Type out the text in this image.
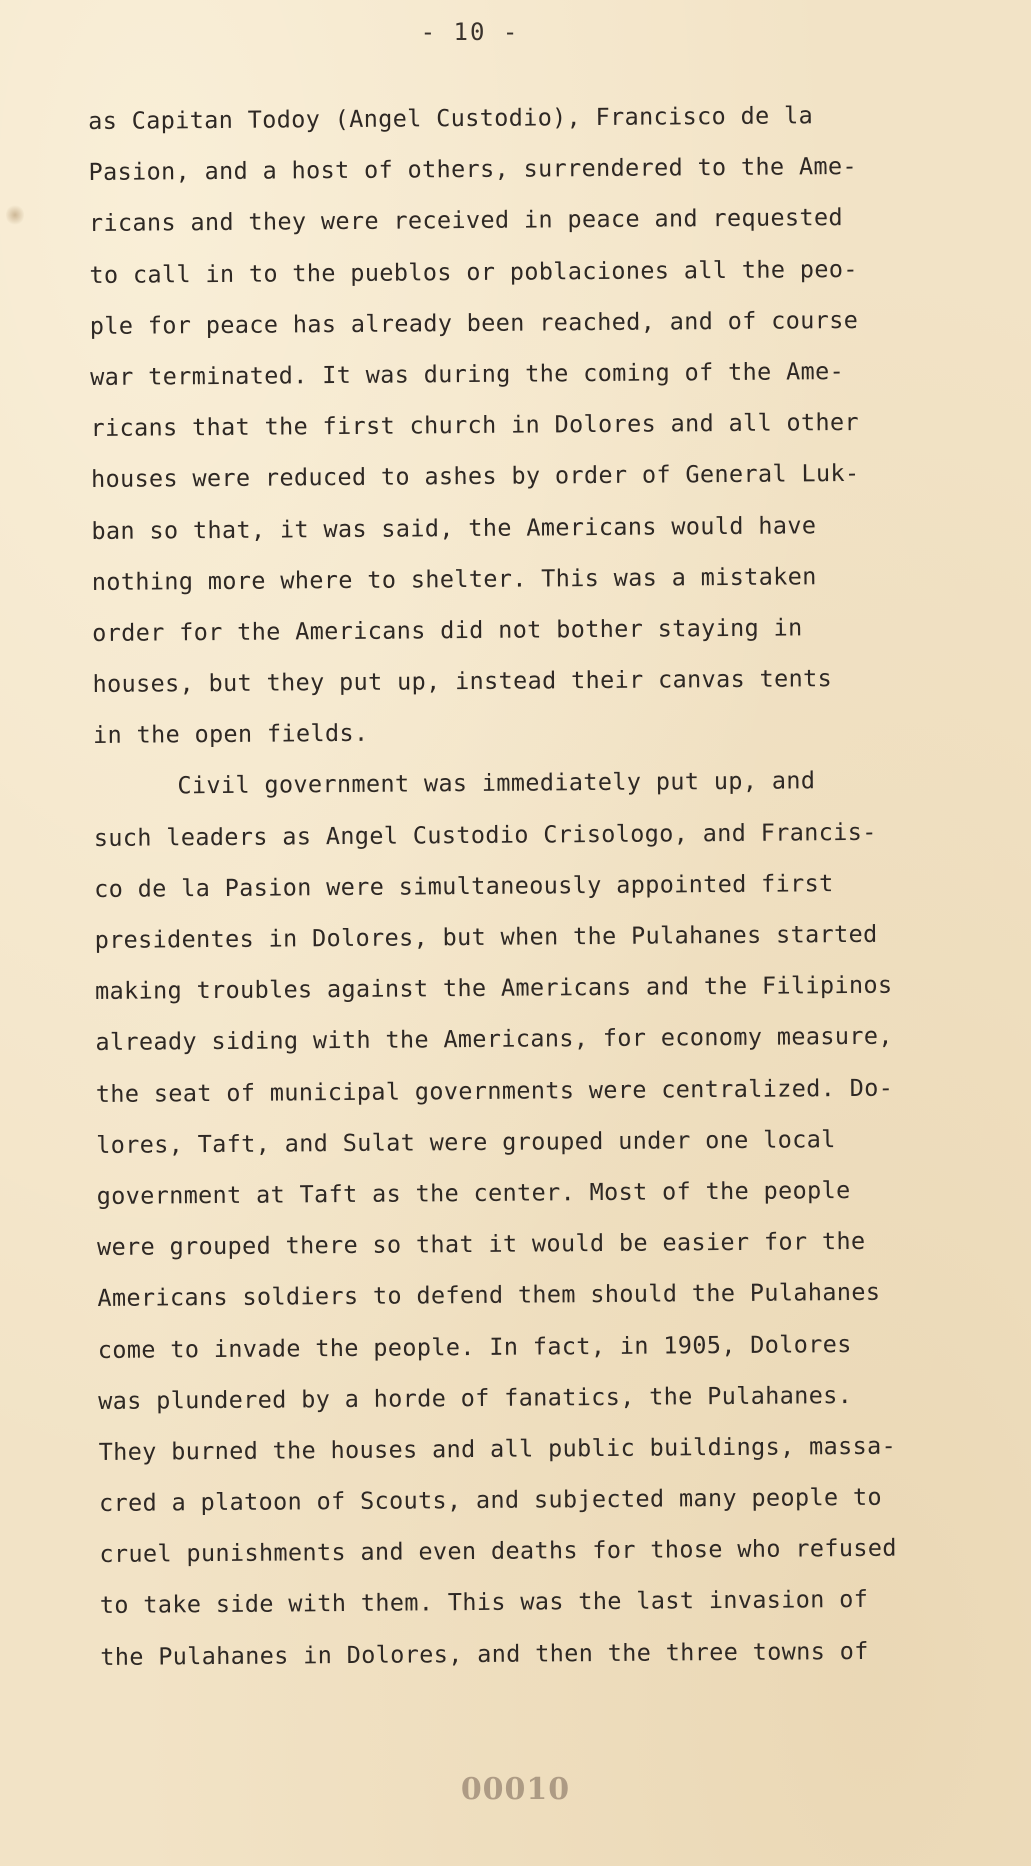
- 10 -
as Capitan Todoy (Angel Custodio), Francisco de la
Pasion, and a host of others, surrendered to the Ame-
ricans and they were received in peace and requested
to call in to the pueblos or poblaciones all the peo-
ple for peace has already been reached, and of course
war terminated. It was during the coming of the Ame-
ricans that the first church in Dolores and all other
houses were reduced to ashes by order of General Luk-
ban so that, it was said, the Americans would have
nothing more where to shelter. This was a mistaken
order for the Americans did not bother staying in
houses, but they put up, instead their canvas tents
in the open fields.
Civil government was immediately put up, and
such leaders as Angel Custodio Crisologo, and Francis-
co de la Pasion were simultaneously appointed first
presidentes in Dolores, but when the Pulahanes started
making troubles against the Americans and the Filipinos
already siding with the Americans, for economy measure,
the seat of municipal governments were centralized. Do-
lores, Taft, and Sulat were grouped under one local
government at Taft as the center. Most of the people
were grouped there so that it would be easier for the
Americans soldiers to defend them should the Pulahanes
come to invade the people. In fact, in 1905, Dolores
was plundered by a horde of fanatics, the Pulahanes.
They burned the houses and all public buildings, massa-
cred a platoon of Scouts, and subjected many people to
cruel punishments and even deaths for those who refused
to take side with them. This was the last invasion of
the Pulahanes in Dolores, and then the three towns of
00010
